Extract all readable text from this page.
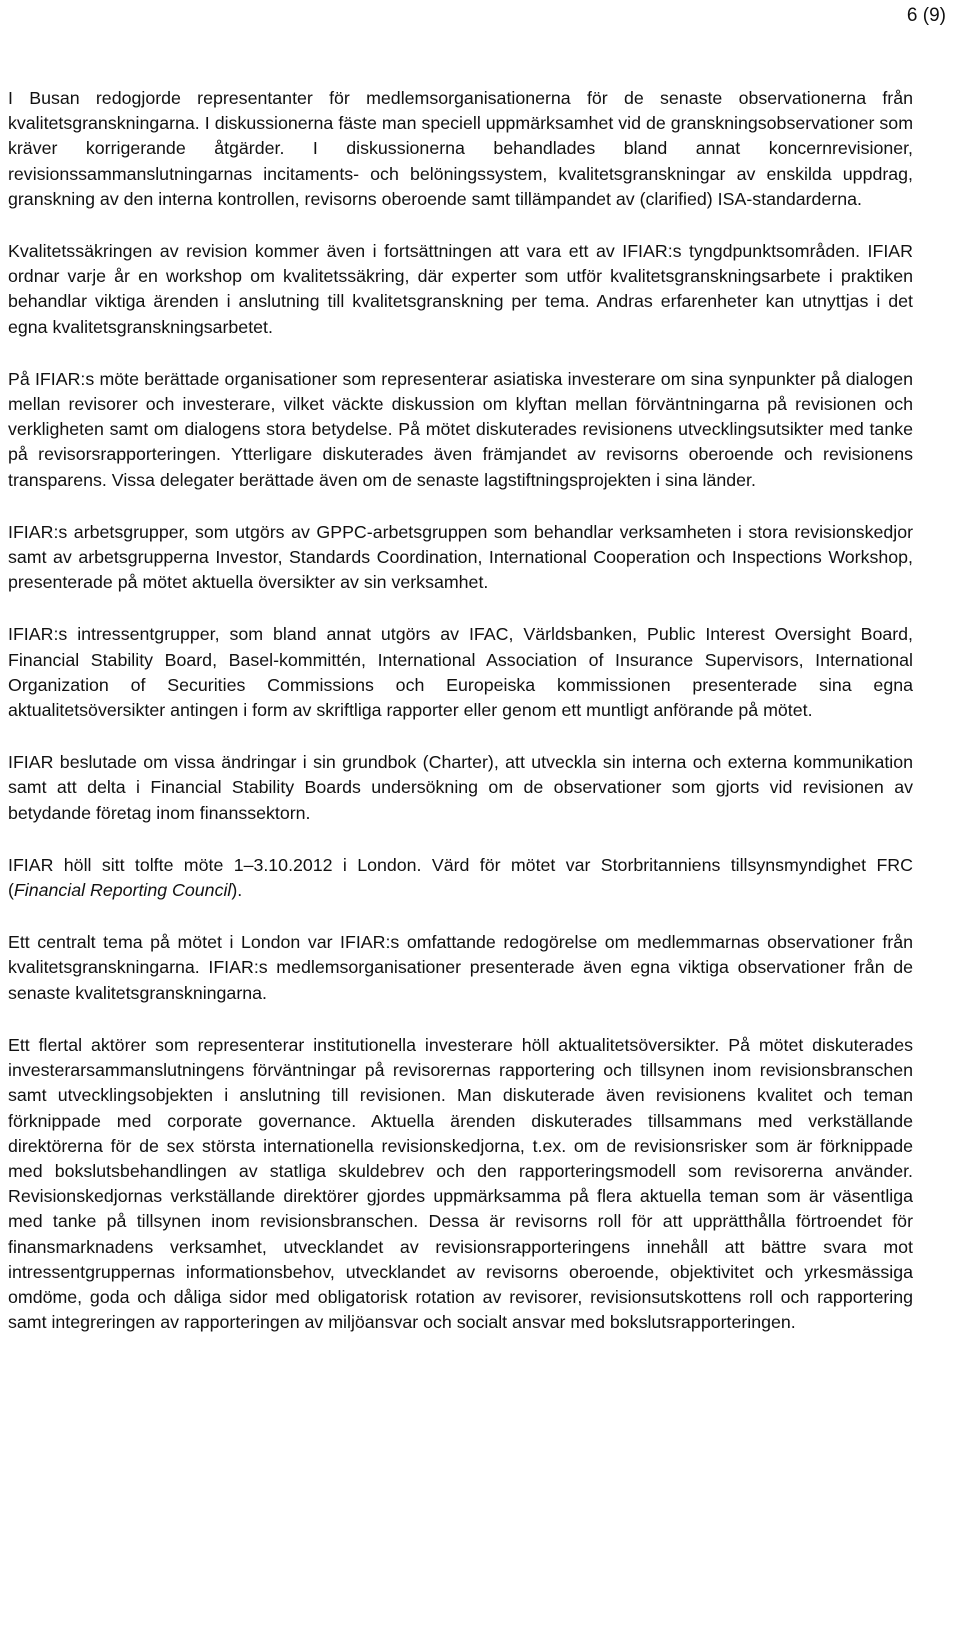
6 (9)

I Busan redogjorde representanter för medlemsorganisationerna för de senaste observationerna från kvalitetsgranskningarna. I diskussionerna fäste man speciell uppmärksamhet vid de granskningsobservationer som kräver korrigerande åtgärder. I diskussionerna behandlades bland annat koncernrevisioner, revisionssammanslutningarnas incitaments- och belöningssystem, kvalitetsgranskningar av enskilda uppdrag, granskning av den interna kontrollen, revisorns oberoende samt tillämpandet av (clarified) ISA-standarderna.

Kvalitetssäkringen av revision kommer även i fortsättningen att vara ett av IFIAR:s tyngdpunktsområden. IFIAR ordnar varje år en workshop om kvalitetssäkring, där experter som utför kvalitetsgranskningsarbete i praktiken behandlar viktiga ärenden i anslutning till kvalitetsgranskning per tema. Andras erfarenheter kan utnyttjas i det egna kvalitetsgranskningsarbetet.

På IFIAR:s möte berättade organisationer som representerar asiatiska investerare om sina synpunkter på dialogen mellan revisorer och investerare, vilket väckte diskussion om klyftan mellan förväntningarna på revisionen och verkligheten samt om dialogens stora betydelse. På mötet diskuterades revisionens utvecklingsutsikter med tanke på revisorsrapporteringen. Ytterligare diskuterades även främjandet av revisorns oberoende och revisionens transparens. Vissa delegater berättade även om de senaste lagstiftningsprojekten i sina länder.

IFIAR:s arbetsgrupper, som utgörs av GPPC-arbetsgruppen som behandlar verksamheten i stora revisionskedjor samt av arbetsgrupperna Investor, Standards Coordination, International Cooperation och Inspections Workshop, presenterade på mötet aktuella översikter av sin verksamhet.

IFIAR:s intressentgrupper, som bland annat utgörs av IFAC, Världsbanken, Public Interest Oversight Board, Financial Stability Board, Basel-kommittén, International Association of Insurance Supervisors, International Organization of Securities Commissions och Europeiska kommissionen presenterade sina egna aktualitetsöversikter antingen i form av skriftliga rapporter eller genom ett muntligt anförande på mötet.

IFIAR beslutade om vissa ändringar i sin grundbok (Charter), att utveckla sin interna och externa kommunikation samt att delta i Financial Stability Boards undersökning om de observationer som gjorts vid revisionen av betydande företag inom finanssektorn.

IFIAR höll sitt tolfte möte 1–3.10.2012 i London. Värd för mötet var Storbritanniens tillsynsmyndighet FRC (Financial Reporting Council).

Ett centralt tema på mötet i London var IFIAR:s omfattande redogörelse om medlemmarnas observationer från kvalitetsgranskningarna. IFIAR:s medlemsorganisationer presenterade även egna viktiga observationer från de senaste kvalitetsgranskningarna.

Ett flertal aktörer som representerar institutionella investerare höll aktualitetsöversikter. På mötet diskuterades investerarsammanslutningens förväntningar på revisorernas rapportering och tillsynen inom revisionsbranschen samt utvecklingsobjekten i anslutning till revisionen. Man diskuterade även revisionens kvalitet och teman förknippade med corporate governance. Aktuella ärenden diskuterades tillsammans med verkställande direktörerna för de sex största internationella revisionskedjorna, t.ex. om de revisionsrisker som är förknippade med bokslutsbehandlingen av statliga skuldebrev och den rapporteringsmodell som revisorerna använder. Revisionskedjornas verkställande direktörer gjordes uppmärksamma på flera aktuella teman som är väsentliga med tanke på tillsynen inom revisionsbranschen. Dessa är revisorns roll för att upprätthålla förtroendet för finansmarknadens verksamhet, utvecklandet av revisionsrapporteringens innehåll att bättre svara mot intressentgruppernas informationsbehov, utvecklandet av revisorns oberoende, objektivitet och yrkesmässiga omdöme, goda och dåliga sidor med obligatorisk rotation av revisorer, revisionsutskottens roll och rapportering samt integreringen av rapporteringen av miljöansvar och socialt ansvar med bokslutsrapporteringen.
